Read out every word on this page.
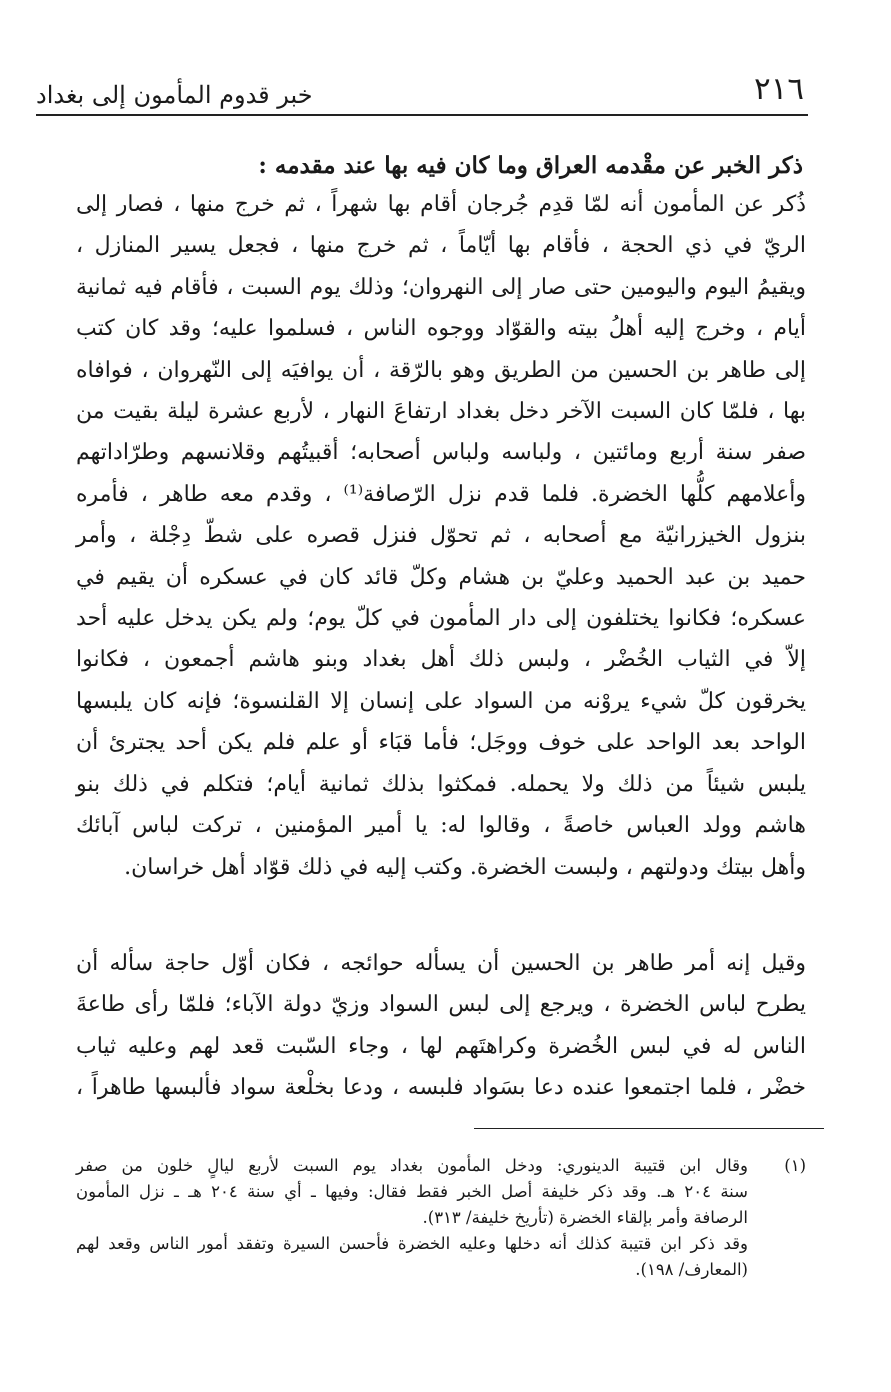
٢١٦
خبر قدوم المأمون إلى بغداد
ذكر الخبر عن مقْدمه العراق وما كان فيه بها عند مقدمه :
ذُكر عن المأمون أنه لمّا قدِم جُرجان أقام بها شهراً ، ثم خرج منها ، فصار إلى
الريّ في ذي الحجة ، فأقام بها أيّاماً ، ثم خرج منها ، فجعل يسير المنازل ،
ويقيمُ اليوم واليومين حتى صار إلى النهروان؛ وذلك يوم السبت ، فأقام فيه ثمانية
أيام ، وخرج إليه أهلُ بيته والقوّاد ووجوه الناس ، فسلموا عليه؛ وقد كان كتب
إلى طاهر بن الحسين من الطريق وهو بالرّقة ، أن يوافيَه إلى النّهروان ، فوافاه
بها ، فلمّا كان السبت الآخر دخل بغداد ارتفاعَ النهار ، لأربع عشرة ليلة بقيت من
صفر سنة أربع ومائتين ، ولباسه ولباس أصحابه؛ أقبيتُهم وقلانسهم وطرّاداتهم
وأعلامهم كلُّها الخضرة. فلما قدم نزل الرّصافة⁽¹⁾ ، وقدم معه طاهر ، فأمره
بنزول الخيزرانيّة مع أصحابه ، ثم تحوّل فنزل قصره على شطّ دِجْلة ، وأمر
حميد بن عبد الحميد وعليّ بن هشام وكلّ قائد كان في عسكره أن يقيم في
عسكره؛ فكانوا يختلفون إلى دار المأمون في كلّ يوم؛ ولم يكن يدخل عليه أحد
إلاّ في الثياب الخُضْر ، ولبس ذلك أهل بغداد وبنو هاشم أجمعون ، فكانوا
يخرقون كلّ شيء يروْنه من السواد على إنسان إلا القلنسوة؛ فإنه كان يلبسها
الواحد بعد الواحد على خوف ووجَل؛ فأما قبَاء أو علم فلم يكن أحد يجترئ أن
يلبس شيئاً من ذلك ولا يحمله. فمكثوا بذلك ثمانية أيام؛ فتكلم في ذلك بنو
هاشم وولد العباس خاصةً ، وقالوا له: يا أمير المؤمنين ، تركت لباس آبائك
وأهل بيتك ودولتهم ، ولبست الخضرة. وكتب إليه في ذلك قوّاد أهل خراسان.
وقيل إنه أمر طاهر بن الحسين أن يسأله حوائجه ، فكان أوّل حاجة سأله أن
يطرح لباس الخضرة ، ويرجع إلى لبس السواد وزيّ دولة الآباء؛ فلمّا رأى طاعةَ
الناس له في لبس الخُضرة وكراهتَهم لها ، وجاء السّبت قعد لهم وعليه ثياب
خضْر ، فلما اجتمعوا عنده دعا بسَواد فلبسه ، ودعا بخلْعة سواد فألبسها طاهراً ،
(١)وقال ابن قتيبة الدينوري: ودخل المأمون بغداد يوم السبت لأربع ليالٍ خلون من صفر
سنة ٢٠٤ هـ. وقد ذكر خليفة أصل الخبر فقط فقال: وفيها ـ أي سنة ٢٠٤ هـ ـ نزل المأمون
الرصافة وأمر بإلقاء الخضرة (تأريخ خليفة/ ٣١٣).
وقد ذكر ابن قتيبة كذلك أنه دخلها وعليه الخضرة فأحسن السيرة وتفقد أمور الناس وقعد لهم
(المعارف/ ١٩٨).
